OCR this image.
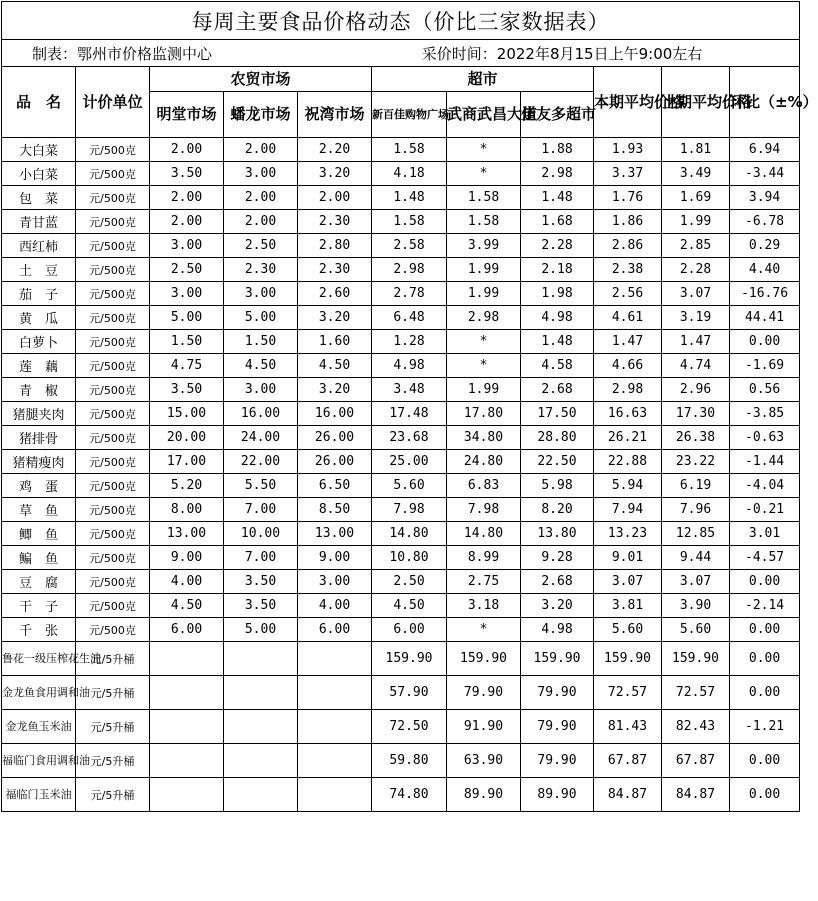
每周主要食品价格动态（价比三家数据表）										
制表：鄂州市价格监测中心 采价时间：2022年8月15日上午9:00左右										
品　名	计价单位	农贸市场			超市			本期平均价格	上期平均价格	环比（±%）
		明堂市场	蟠龙市场	祝湾市场	新百佳购物广场	武商武昌大道	佳友多超市			
大白菜	元/500克	2.00	2.00	2.20	1.58	*	1.88	1.93	1.81	6.94
小白菜	元/500克	3.50	3.00	3.20	4.18	*	2.98	3.37	3.49	-3.44
包　菜	元/500克	2.00	2.00	2.00	1.48	1.58	1.48	1.76	1.69	3.94
青甘蓝	元/500克	2.00	2.00	2.30	1.58	1.58	1.68	1.86	1.99	-6.78
西红柿	元/500克	3.00	2.50	2.80	2.58	3.99	2.28	2.86	2.85	0.29
土　豆	元/500克	2.50	2.30	2.30	2.98	1.99	2.18	2.38	2.28	4.40
茄　子	元/500克	3.00	3.00	2.60	2.78	1.99	1.98	2.56	3.07	-16.76
黄　瓜	元/500克	5.00	5.00	3.20	6.48	2.98	4.98	4.61	3.19	44.41
白萝卜	元/500克	1.50	1.50	1.60	1.28	*	1.48	1.47	1.47	0.00
莲　藕	元/500克	4.75	4.50	4.50	4.98	*	4.58	4.66	4.74	-1.69
青　椒	元/500克	3.50	3.00	3.20	3.48	1.99	2.68	2.98	2.96	0.56
猪腿夹肉	元/500克	15.00	16.00	16.00	17.48	17.80	17.50	16.63	17.30	-3.85
猪排骨	元/500克	20.00	24.00	26.00	23.68	34.80	28.80	26.21	26.38	-0.63
猪精瘦肉	元/500克	17.00	22.00	26.00	25.00	24.80	22.50	22.88	23.22	-1.44
鸡　蛋	元/500克	5.20	5.50	6.50	5.60	6.83	5.98	5.94	6.19	-4.04
草　鱼	元/500克	8.00	7.00	8.50	7.98	7.98	8.20	7.94	7.96	-0.21
鲫　鱼	元/500克	13.00	10.00	13.00	14.80	14.80	13.80	13.23	12.85	3.01
鳊　鱼	元/500克	9.00	7.00	9.00	10.80	8.99	9.28	9.01	9.44	-4.57
豆　腐	元/500克	4.00	3.50	3.00	2.50	2.75	2.68	3.07	3.07	0.00
干　子	元/500克	4.50	3.50	4.00	4.50	3.18	3.20	3.81	3.90	-2.14
千　张	元/500克	6.00	5.00	6.00	6.00	*	4.98	5.60	5.60	0.00
鲁花一级压榨花生油	元/5升桶				159.90	159.90	159.90	159.90	159.90	0.00
金龙鱼食用调和油	元/5升桶				57.90	79.90	79.90	72.57	72.57	0.00
金龙鱼玉米油	元/5升桶				72.50	91.90	79.90	81.43	82.43	-1.21
福临门食用调和油	元/5升桶				59.80	63.90	79.90	67.87	67.87	0.00
福临门玉米油	元/5升桶				74.80	89.90	89.90	84.87	84.87	0.00
